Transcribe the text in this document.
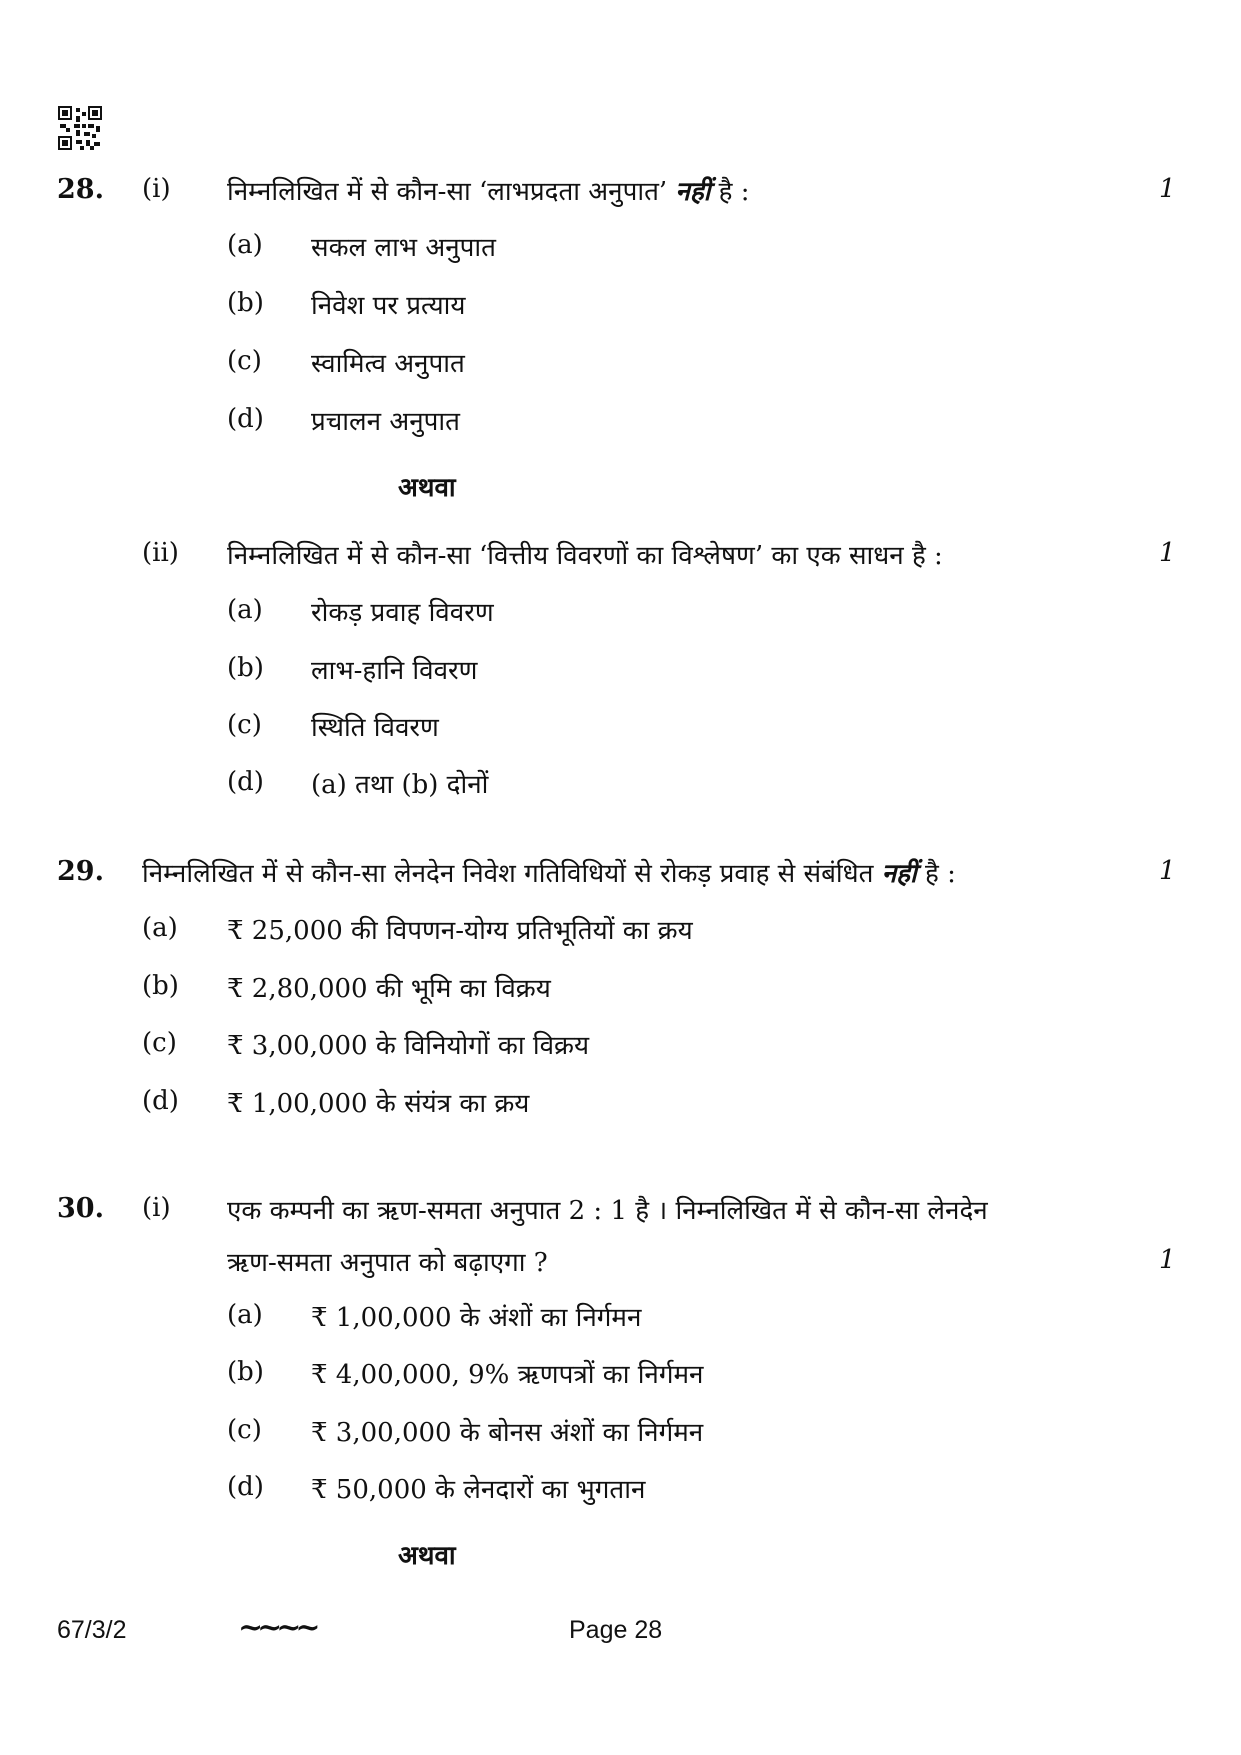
28. (i) निम्नलिखित में से कौन-सा ‘लाभप्रदता अनुपात’ नहीं है :	1
(a) सकल लाभ अनुपात
(b) निवेश पर प्रत्याय
(c) स्वामित्व अनुपात
(d) प्रचालन अनुपात
अथवा
(ii) निम्नलिखित में से कौन-सा ‘वित्तीय विवरणों का विश्लेषण’ का एक साधन है :	1
(a) रोकड़ प्रवाह विवरण
(b) लाभ-हानि विवरण
(c) स्थिति विवरण
(d) (a) तथा (b) दोनों
29. निम्नलिखित में से कौन-सा लेनदेन निवेश गतिविधियों से रोकड़ प्रवाह से संबंधित नहीं है :	1
(a) ₹ 25,000 की विपणन-योग्य प्रतिभूतियों का क्रय
(b) ₹ 2,80,000 की भूमि का विक्रय
(c) ₹ 3,00,000 के विनियोगों का विक्रय
(d) ₹ 1,00,000 के संयंत्र का क्रय
30. (i) एक कम्पनी का ऋण-समता अनुपात 2 : 1 है । निम्नलिखित में से कौन-सा लेनदेन
ऋण-समता अनुपात को बढ़ाएगा ?	1
(a) ₹ 1,00,000 के अंशों का निर्गमन
(b) ₹ 4,00,000, 9% ऋणपत्रों का निर्गमन
(c) ₹ 3,00,000 के बोनस अंशों का निर्गमन
(d) ₹ 50,000 के लेनदारों का भुगतान
अथवा
67/3/2	~~~~	Page 28
